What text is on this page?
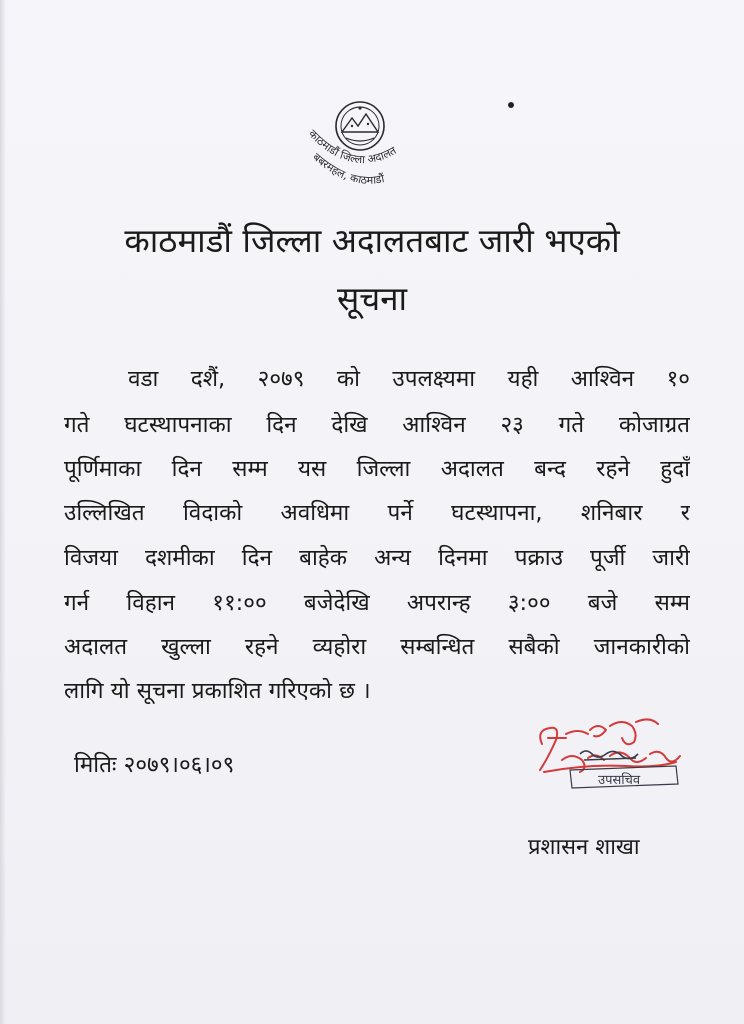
काठमाडौं जिल्ला अदालत
बबरमहल, काठमाडौं
काठमाडौं जिल्ला अदालतबाट जारी भएको
सूचना
वडा दशैं, २०७९ को उपलक्ष्यमा यही आश्विन १०
गते घटस्थापनाका दिन देखि आश्विन २३ गते कोजाग्रत
पूर्णिमाका दिन सम्म यस जिल्ला अदालत बन्द रहने हुदाँ
उल्लिखित विदाको अवधिमा पर्ने घटस्थापना, शनिबार र
विजया दशमीका दिन बाहेक अन्य दिनमा पक्राउ पूर्जी जारी
गर्न विहान ११:०० बजेदेखि अपरान्ह ३:०० बजे सम्म
अदालत खुल्ला रहने व्यहोरा सम्बन्धित सबैको जानकारीको
लागि यो सूचना प्रकाशित गरिएको छ ।
मितिः २०७९।०६।०९
उपसचिव
प्रशासन शाखा
